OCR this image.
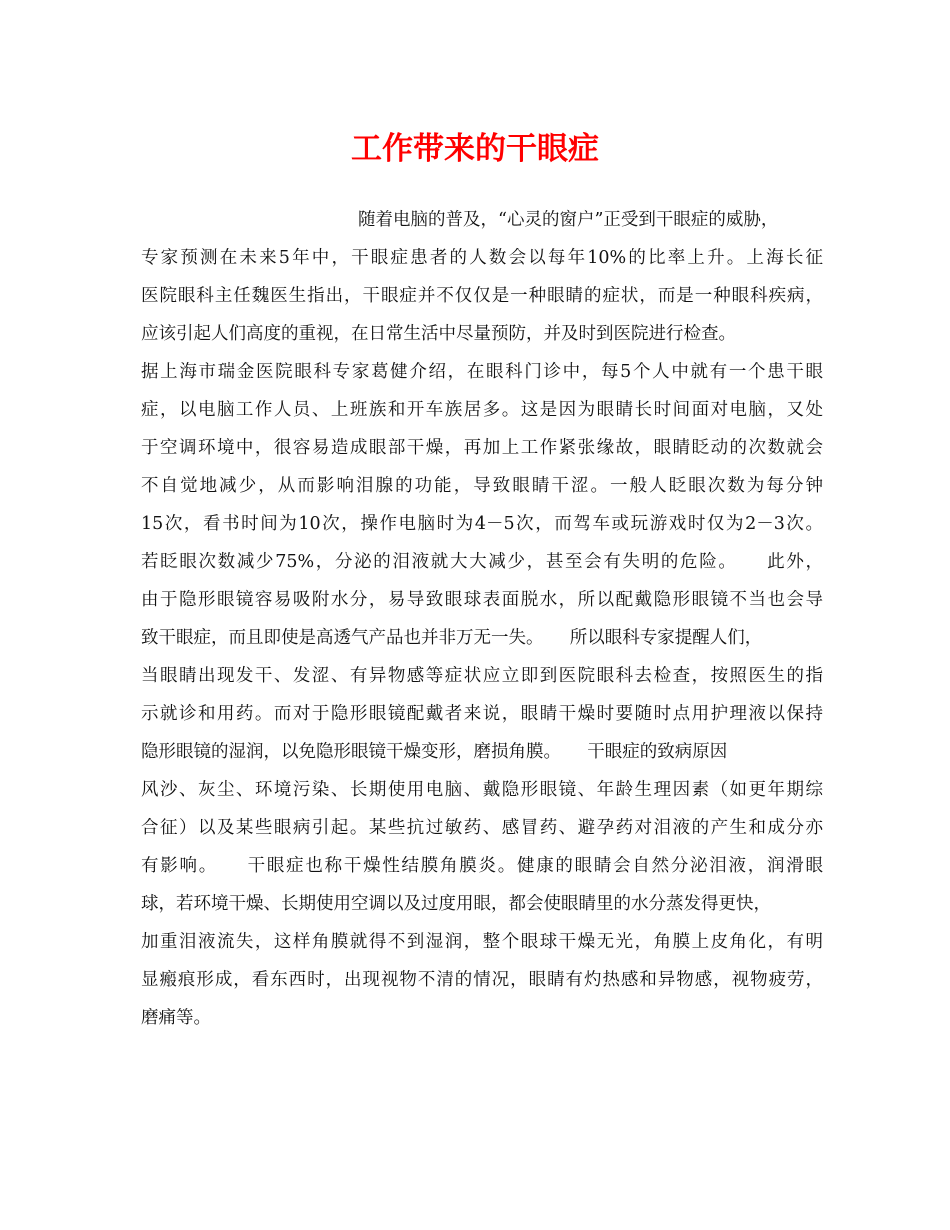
工作带来的干眼症
随着电脑的普及，“心灵的窗户”正受到干眼症的威胁，
专家预测在未来5年中，干眼症患者的人数会以每年10%的比率上升。上海长征
医院眼科主任魏医生指出，干眼症并不仅仅是一种眼睛的症状，而是一种眼科疾病，
应该引起人们高度的重视，在日常生活中尽量预防，并及时到医院进行检查。
据上海市瑞金医院眼科专家葛健介绍，在眼科门诊中，每5个人中就有一个患干眼
症，以电脑工作人员、上班族和开车族居多。这是因为眼睛长时间面对电脑，又处
于空调环境中，很容易造成眼部干燥，再加上工作紧张缘故，眼睛眨动的次数就会
不自觉地减少，从而影响泪腺的功能，导致眼睛干涩。一般人眨眼次数为每分钟
15次，看书时间为10次，操作电脑时为4－5次，而驾车或玩游戏时仅为2－3次。
若眨眼次数减少75%，分泌的泪液就大大减少，甚至会有失明的危险。　　此外，
由于隐形眼镜容易吸附水分，易导致眼球表面脱水，所以配戴隐形眼镜不当也会导
致干眼症，而且即使是高透气产品也并非万无一失。　　所以眼科专家提醒人们，
当眼睛出现发干、发涩、有异物感等症状应立即到医院眼科去检查，按照医生的指
示就诊和用药。而对于隐形眼镜配戴者来说，眼睛干燥时要随时点用护理液以保持
隐形眼镜的湿润，以免隐形眼镜干燥变形，磨损角膜。　　干眼症的致病原因
风沙、灰尘、环境污染、长期使用电脑、戴隐形眼镜、年龄生理因素（如更年期综
合征）以及某些眼病引起。某些抗过敏药、感冒药、避孕药对泪液的产生和成分亦
有影响。　　干眼症也称干燥性结膜角膜炎。健康的眼睛会自然分泌泪液，润滑眼
球，若环境干燥、长期使用空调以及过度用眼，都会使眼睛里的水分蒸发得更快，
加重泪液流失，这样角膜就得不到湿润，整个眼球干燥无光，角膜上皮角化，有明
显瘢痕形成，看东西时，出现视物不清的情况，眼睛有灼热感和异物感，视物疲劳，
磨痛等。
